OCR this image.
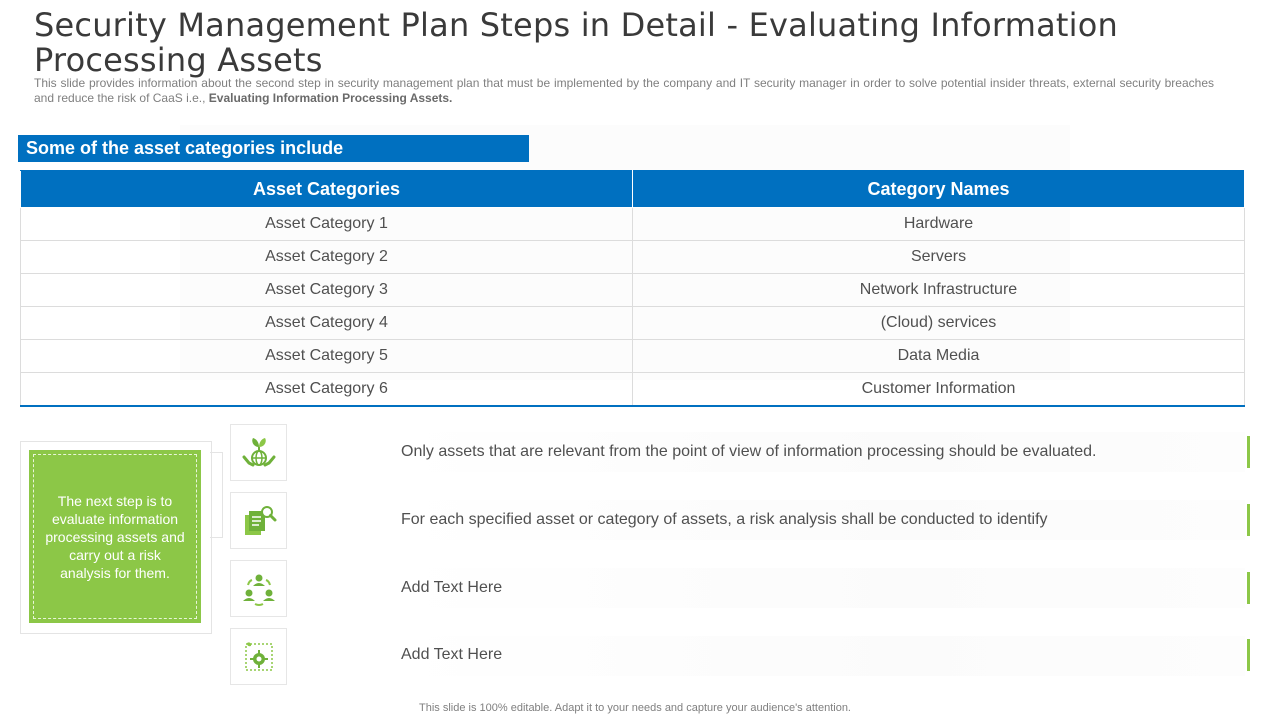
Security Management Plan Steps in Detail - Evaluating Information Processing Assets
This slide provides information about the second step in security management plan that must be implemented by the company and IT security manager in order to solve potential insider threats, external security breaches and reduce the risk of CaaS i.e., Evaluating Information Processing Assets.
Some of the asset categories include
Asset Categories	Category Names
Asset Category 1	Hardware
Asset Category 2	Servers
Asset Category 3	Network Infrastructure
Asset Category 4	(Cloud) services
Asset Category 5	Data Media
Asset Category 6	Customer Information
The next step is to evaluate information processing assets and carry out a risk analysis for them.
Only assets that are relevant from the point of view of information processing should be evaluated.
For each specified asset or category of assets, a risk analysis shall be conducted to identify
Add Text Here
Add Text Here
This slide is 100% editable. Adapt it to your needs and capture your audience's attention.
